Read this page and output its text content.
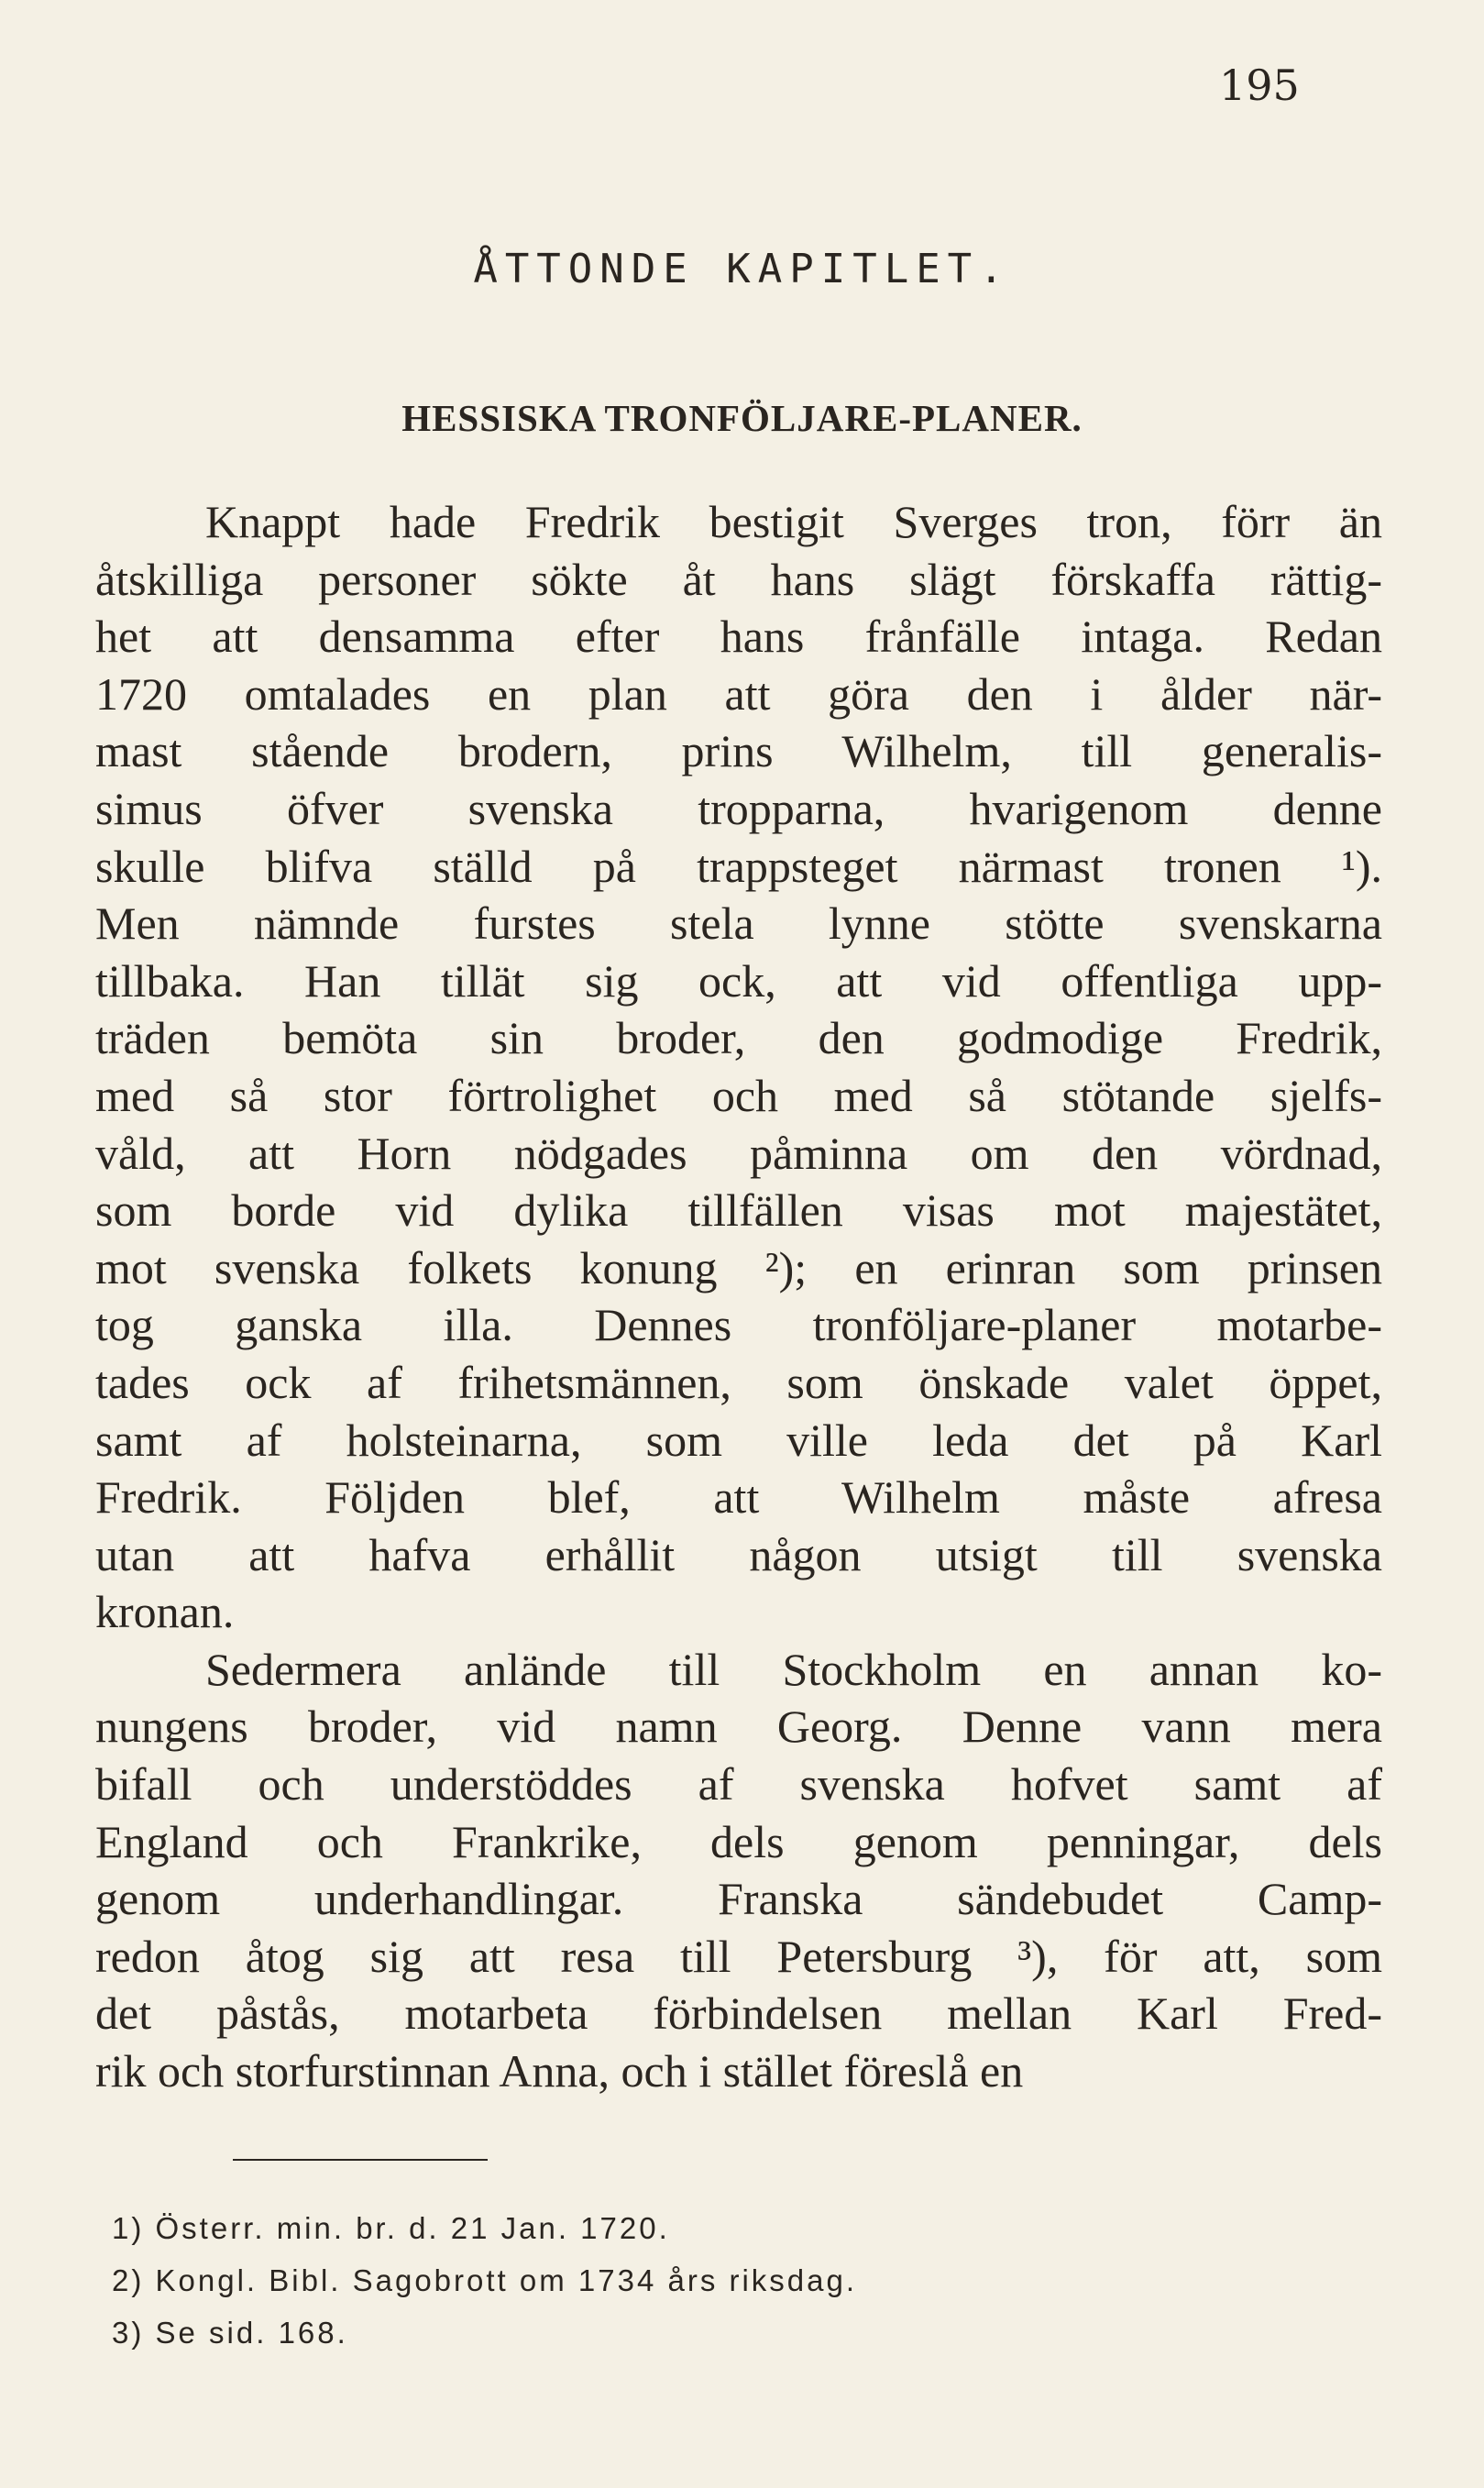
195
ÅTTONDE KAPITLET.
HESSISKA TRONFÖLJARE-PLANER.
Knappt hade Fredrik bestigit Sverges tron, förr än
åtskilliga personer sökte åt hans slägt förskaffa rättig-
het att densamma efter hans frånfälle intaga. Redan
1720 omtalades en plan att göra den i ålder när-
mast stående brodern, prins Wilhelm, till generalis-
simus öfver svenska tropparna, hvarigenom denne
skulle blifva ställd på trappsteget närmast tronen ¹).
Men nämnde furstes stela lynne stötte svenskarna
tillbaka. Han tillät sig ock, att vid offentliga upp-
träden bemöta sin broder, den godmodige Fredrik,
med så stor förtrolighet och med så stötande sjelfs-
våld, att Horn nödgades påminna om den vördnad,
som borde vid dylika tillfällen visas mot majestätet,
mot svenska folkets konung ²); en erinran som prinsen
tog ganska illa. Dennes tronföljare-planer motarbe-
tades ock af frihetsmännen, som önskade valet öppet,
samt af holsteinarna, som ville leda det på Karl
Fredrik. Följden blef, att Wilhelm måste afresa
utan att hafva erhållit någon utsigt till svenska
kronan.
Sedermera anlände till Stockholm en annan ko-
nungens broder, vid namn Georg. Denne vann mera
bifall och understöddes af svenska hofvet samt af
England och Frankrike, dels genom penningar, dels
genom underhandlingar. Franska sändebudet Camp-
redon åtog sig att resa till Petersburg ³), för att, som
det påstås, motarbeta förbindelsen mellan Karl Fred-
rik och storfurstinnan Anna, och i stället föreslå en
1) Österr. min. br. d. 21 Jan. 1720.
2) Kongl. Bibl. Sagobrott om 1734 års riksdag.
3) Se sid. 168.
